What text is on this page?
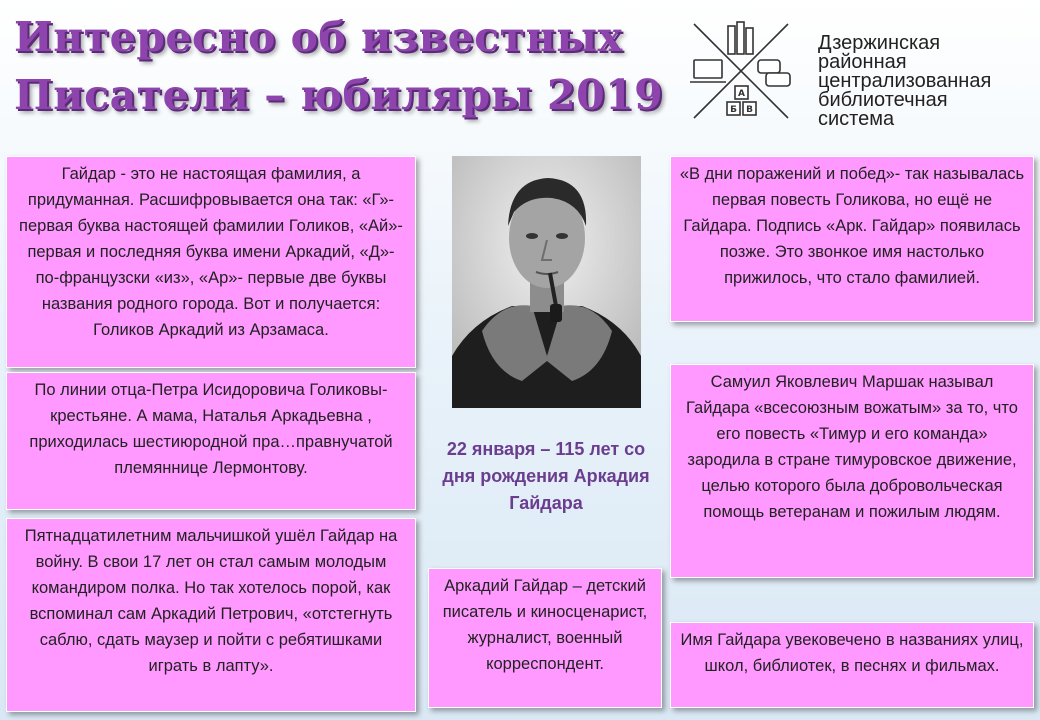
Интересно об известных
Писатели – юбиляры 2019	А
Б В
Дзержинская
районная
централизованная
библиотечная
система
Гайдар - это не настоящая фамилия, а придуманная. Расшифровывается она так: «Г»- первая буква настоящей фамилии Голиков, «Ай»- первая и последняя буква имени Аркадий, «Д»- по-французски «из», «Ар»- первые две буквы названия родного города. Вот и получается: Голиков Аркадий из Арзамаса.
По линии отца-Петра Исидоровича Голиковы- крестьяне. А мама, Наталья Аркадьевна , приходилась шестиюродной пра…правнучатой племяннице Лермонтову.
Пятнадцатилетним мальчишкой ушёл Гайдар на войну. В свои 17 лет он стал самым молодым командиром полка. Но так хотелось порой, как вспоминал сам Аркадий Петрович, «отстегнуть саблю, сдать маузер и пойти с ребятишками играть в лапту».
22 января – 115 лет со дня рождения Аркадия Гайдара
Аркадий Гайдар – детский писатель и киносценарист, журналист, военный корреспондент.
«В дни поражений и побед»- так называлась первая повесть Голикова, но ещё не Гайдара. Подпись «Арк. Гайдар» появилась позже. Это звонкое имя настолько прижилось, что стало фамилией.
Самуил Яковлевич Маршак называл Гайдара «всесоюзным вожатым» за то, что его повесть «Тимур и его команда» зародила в стране тимуровское движение, целью которого была добровольческая помощь ветеранам и пожилым людям.
Имя Гайдара увековечено в названиях улиц, школ, библиотек, в песнях и фильмах.
